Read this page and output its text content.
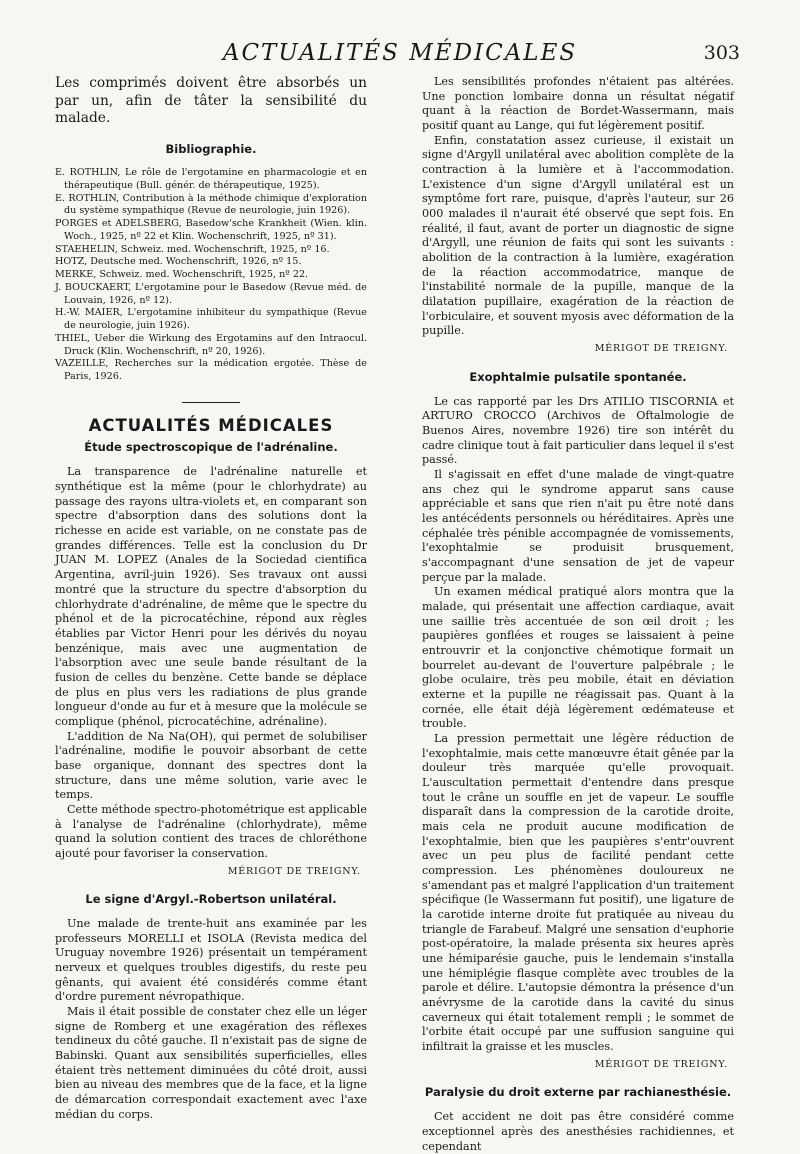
ACTUALITÉS MÉDICALES	303

Les comprimés doivent être absorbés un par un, afin de tâter la sensibilité du malade.

Bibliographie.

E. ROTHLIN, Le rôle de l'ergotamine en pharmacologie et en thérapeutique (Bull. génér. de thérapeutique, 1925).

E. ROTHLIN, Contribution à la méthode chimique d'exploration du système sympathique (Revue de neurologie, juin 1926).

PORGES et ADELSBERG, Basedow'sche Krankheit (Wien. klin. Woch., 1925, nº 22 et Klin. Wochenschrift, 1925, nº 31).

STAEHELIN, Schweiz. med. Wochenschrift, 1925, nº 16.

HOTZ, Deutsche med. Wochenschrift, 1926, nº 15.

MERKE, Schweiz. med. Wochenschrift, 1925, nº 22.

J. BOUCKAERT, L'ergotamine pour le Basedow (Revue méd. de Louvain, 1926, nº 12).

H.-W. MAIER, L'ergotamine inhibiteur du sympathique (Revue de neurologie, juin 1926).

THIEL, Ueber die Wirkung des Ergotamins auf den Intraocul. Druck (Klin. Wochenschrift, nº 20, 1926).

VAZEILLE, Recherches sur la médication ergotée. Thèse de Paris, 1926.

ACTUALITÉS MÉDICALES
Étude spectroscopique de l'adrénaline.

La transparence de l'adrénaline naturelle et synthétique est la même (pour le chlorhydrate) au passage des rayons ultra-violets et, en comparant son spectre d'absorption dans des solutions dont la richesse en acide est variable, on ne constate pas de grandes différences. Telle est la conclusion du Dr JUAN M. LOPEZ (Anales de la Sociedad cientifica Argentina, avril-juin 1926). Ses travaux ont aussi montré que la structure du spectre d'absorption du chlorhydrate d'adrénaline, de même que le spectre du phénol et de la picrocatéchine, répond aux règles établies par Victor Henri pour les dérivés du noyau benzénique, mais avec une augmentation de l'absorption avec une seule bande résultant de la fusion de celles du benzène. Cette bande se déplace de plus en plus vers les radiations de plus grande longueur d'onde au fur et à mesure que la molécule se complique (phénol, picrocatéchine, adrénaline).

L'addition de Na Na(OH), qui permet de solubiliser l'adrénaline, modifie le pouvoir absorbant de cette base organique, donnant des spectres dont la structure, dans une même solution, varie avec le temps.

Cette méthode spectro-photométrique est applicable à l'analyse de l'adrénaline (chlorhydrate), même quand la solution contient des traces de chloréthone ajouté pour favoriser la conservation.

MÉRIGOT DE TREIGNY.
Le signe d'Argyl.-Robertson unilatéral.

Une malade de trente-huit ans examinée par les professeurs MORELLI et ISOLA (Revista medica del Uruguay novembre 1926) présentait un tempérament nerveux et quelques troubles digestifs, du reste peu gênants, qui avaient été considérés comme étant d'ordre purement névropathique.

Mais il était possible de constater chez elle un léger signe de Romberg et une exagération des réflexes tendineux du côté gauche. Il n'existait pas de signe de Babinski. Quant aux sensibilités superficielles, elles étaient très nettement diminuées du côté droit, aussi bien au niveau des membres que de la face, et la ligne de démarcation correspondait exactement avec l'axe médian du corps.

Les sensibilités profondes n'étaient pas altérées. Une ponction lombaire donna un résultat négatif quant à la réaction de Bordet-Wassermann, mais positif quant au Lange, qui fut légèrement positif.

Enfin, constatation assez curieuse, il existait un signe d'Argyll unilatéral avec abolition complète de la contraction à la lumière et à l'accommodation. L'existence d'un signe d'Argyll unilatéral est un symptôme fort rare, puisque, d'après l'auteur, sur 26 000 malades il n'aurait été observé que sept fois. En réalité, il faut, avant de porter un diagnostic de signe d'Argyll, une réunion de faits qui sont les suivants : abolition de la contraction à la lumière, exagération de la réaction accommodatrice, manque de l'instabilité normale de la pupille, manque de la dilatation pupillaire, exagération de la réaction de l'orbiculaire, et souvent myosis avec déformation de la pupille.

MÉRIGOT DE TREIGNY.
Exophtalmie pulsatile spontanée.

Le cas rapporté par les Drs ATILIO TISCORNIA et ARTURO CROCCO (Archivos de Oftalmologie de Buenos Aires, novembre 1926) tire son intérêt du cadre clinique tout à fait particulier dans lequel il s'est passé.

Il s'agissait en effet d'une malade de vingt-quatre ans chez qui le syndrome apparut sans cause appréciable et sans que rien n'ait pu être noté dans les antécédents personnels ou héréditaires. Après une céphalée très pénible accompagnée de vomissements, l'exophtalmie se produisit brusquement, s'accompagnant d'une sensation de jet de vapeur perçue par la malade.

Un examen médical pratiqué alors montra que la malade, qui présentait une affection cardiaque, avait une saillie très accentuée de son œil droit ; les paupières gonflées et rouges se laissaient à peine entrouvrir et la conjonctive chémotique formait un bourrelet au-devant de l'ouverture palpébrale ; le globe oculaire, très peu mobile, était en déviation externe et la pupille ne réagissait pas. Quant à la cornée, elle était déjà légèrement œdémateuse et trouble.

La pression permettait une légère réduction de l'exophtalmie, mais cette manœuvre était gênée par la douleur très marquée qu'elle provoquait. L'auscultation permettait d'entendre dans presque tout le crâne un souffle en jet de vapeur. Le souffle disparaît dans la compression de la carotide droite, mais cela ne produit aucune modification de l'exophtalmie, bien que les paupières s'entr'ouvrent avec un peu plus de facilité pendant cette compression. Les phénomènes douloureux ne s'amendant pas et malgré l'application d'un traitement spécifique (le Wassermann fut positif), une ligature de la carotide interne droite fut pratiquée au niveau du triangle de Farabeuf. Malgré une sensation d'euphorie post-opératoire, la malade présenta six heures après une hémiparésie gauche, puis le lendemain s'installa une hémiplégie flasque complète avec troubles de la parole et délire. L'autopsie démontra la présence d'un anévrysme de la carotide dans la cavité du sinus caverneux qui était totalement rempli ; le sommet de l'orbite était occupé par une suffusion sanguine qui infiltrait la graisse et les muscles.

MÉRIGOT DE TREIGNY.
Paralysie du droit externe par rachianesthésie.

Cet accident ne doit pas être considéré comme exceptionnel après des anesthésies rachidiennes, et cependant
